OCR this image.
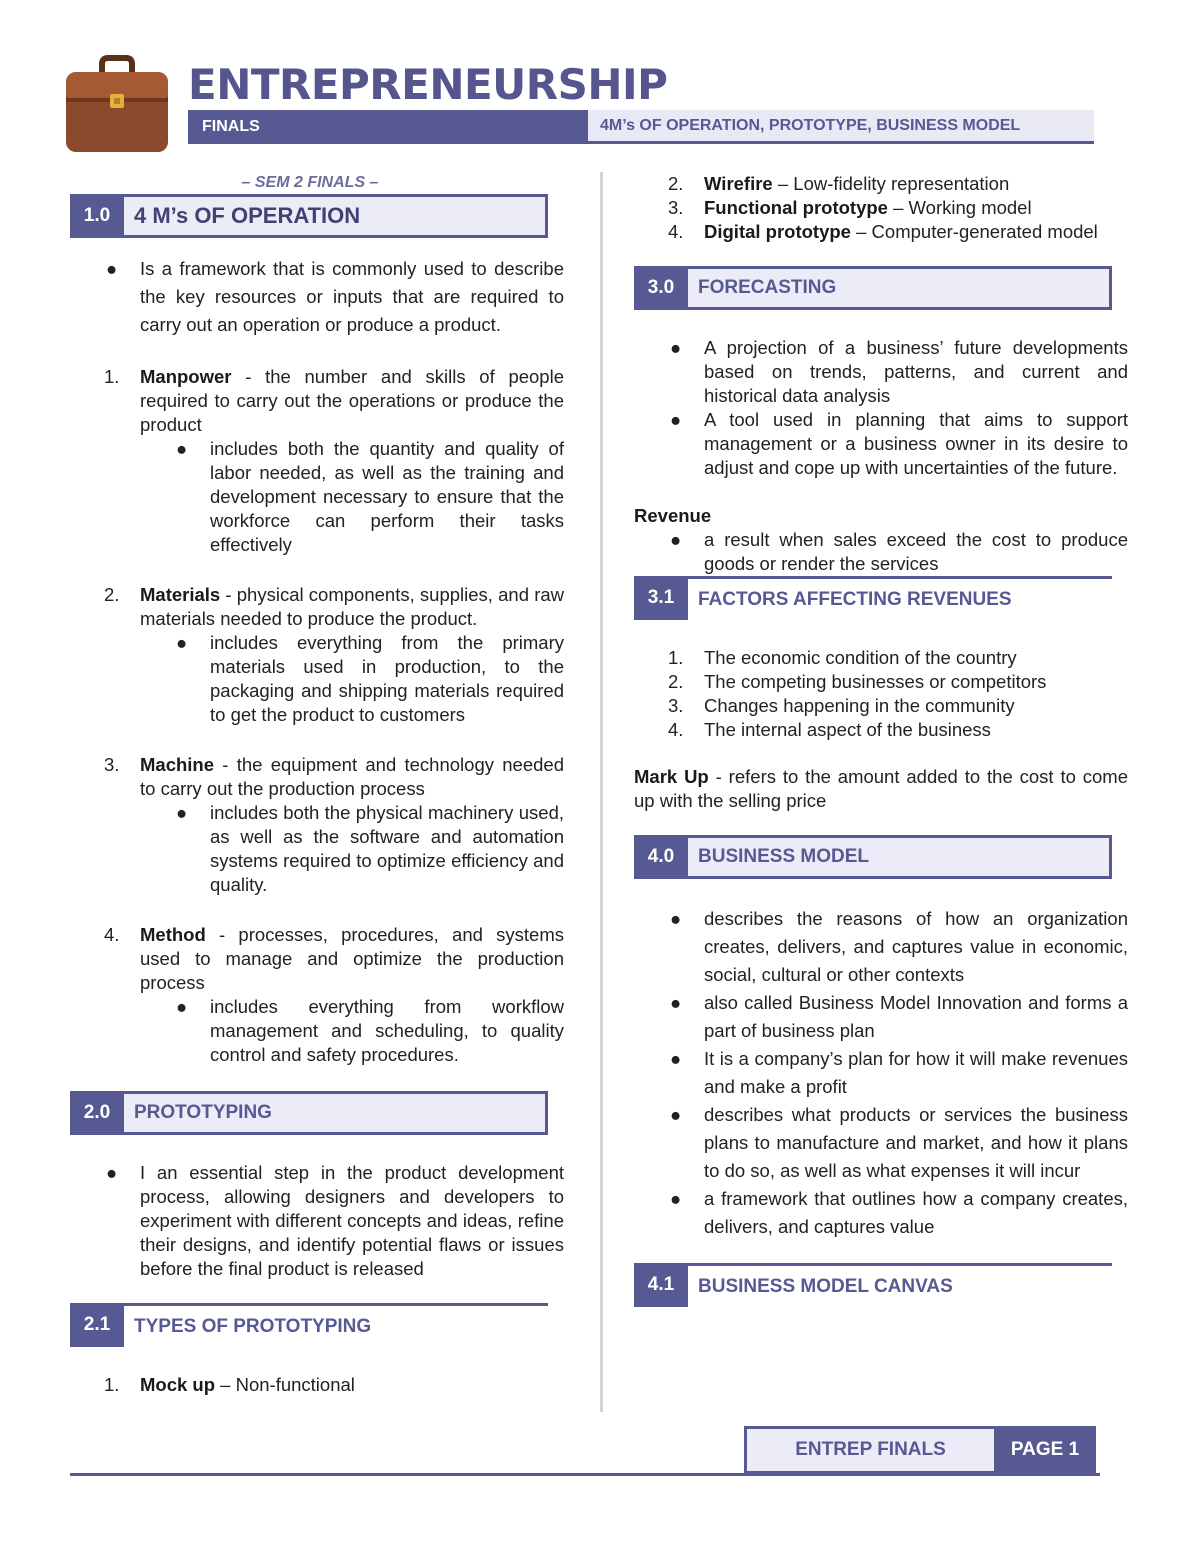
ENTREPRENEURSHIP
FINALS	4M’s OF OPERATION, PROTOTYPE, BUSINESS MODEL
– SEM 2 FINALS –
1.0	4 M’s OF OPERATION
● Is a framework that is commonly used to describe the key resources or inputs that are required to carry out an operation or produce a product.
1. Manpower - the number and skills of people required to carry out the operations or produce the product
● includes both the quantity and quality of labor needed, as well as the training and development necessary to ensure that the workforce can perform their tasks effectively
2. Materials - physical components, supplies, and raw materials needed to produce the product.
● includes everything from the primary materials used in production, to the packaging and shipping materials required to get the product to customers
3. Machine - the equipment and technology needed to carry out the production process
● includes both the physical machinery used, as well as the software and automation systems required to optimize efficiency and quality.
4. Method - processes, procedures, and systems used to manage and optimize the production process
● includes everything from workflow management and scheduling, to quality control and safety procedures.
2.0	PROTOTYPING
● I an essential step in the product development process, allowing designers and developers to experiment with different concepts and ideas, refine their designs, and identify potential flaws or issues before the final product is released
2.1	TYPES OF PROTOTYPING
1. Mock up – Non-functional
2. Wirefire – Low-fidelity representation
3. Functional prototype – Working model
4. Digital prototype – Computer-generated model
3.0	FORECASTING
● A projection of a business’ future developments based on trends, patterns, and current and historical data analysis
● A tool used in planning that aims to support management or a business owner in its desire to adjust and cope up with uncertainties of the future.
Revenue
● a result when sales exceed the cost to produce goods or render the services
3.1	FACTORS AFFECTING REVENUES
1. The economic condition of the country
2. The competing businesses or competitors
3. Changes happening in the community
4. The internal aspect of the business

Mark Up - refers to the amount added to the cost to come up with the selling price

4.0	BUSINESS MODEL
● describes the reasons of how an organization creates, delivers, and captures value in economic, social, cultural or other contexts
● also called Business Model Innovation and forms a part of business plan
● It is a company’s plan for how it will make revenues and make a profit
● describes what products or services the business plans to manufacture and market, and how it plans to do so, as well as what expenses it will incur
● a framework that outlines how a company creates, delivers, and captures value
4.1	BUSINESS MODEL CANVAS
ENTREP FINALS	PAGE 1
